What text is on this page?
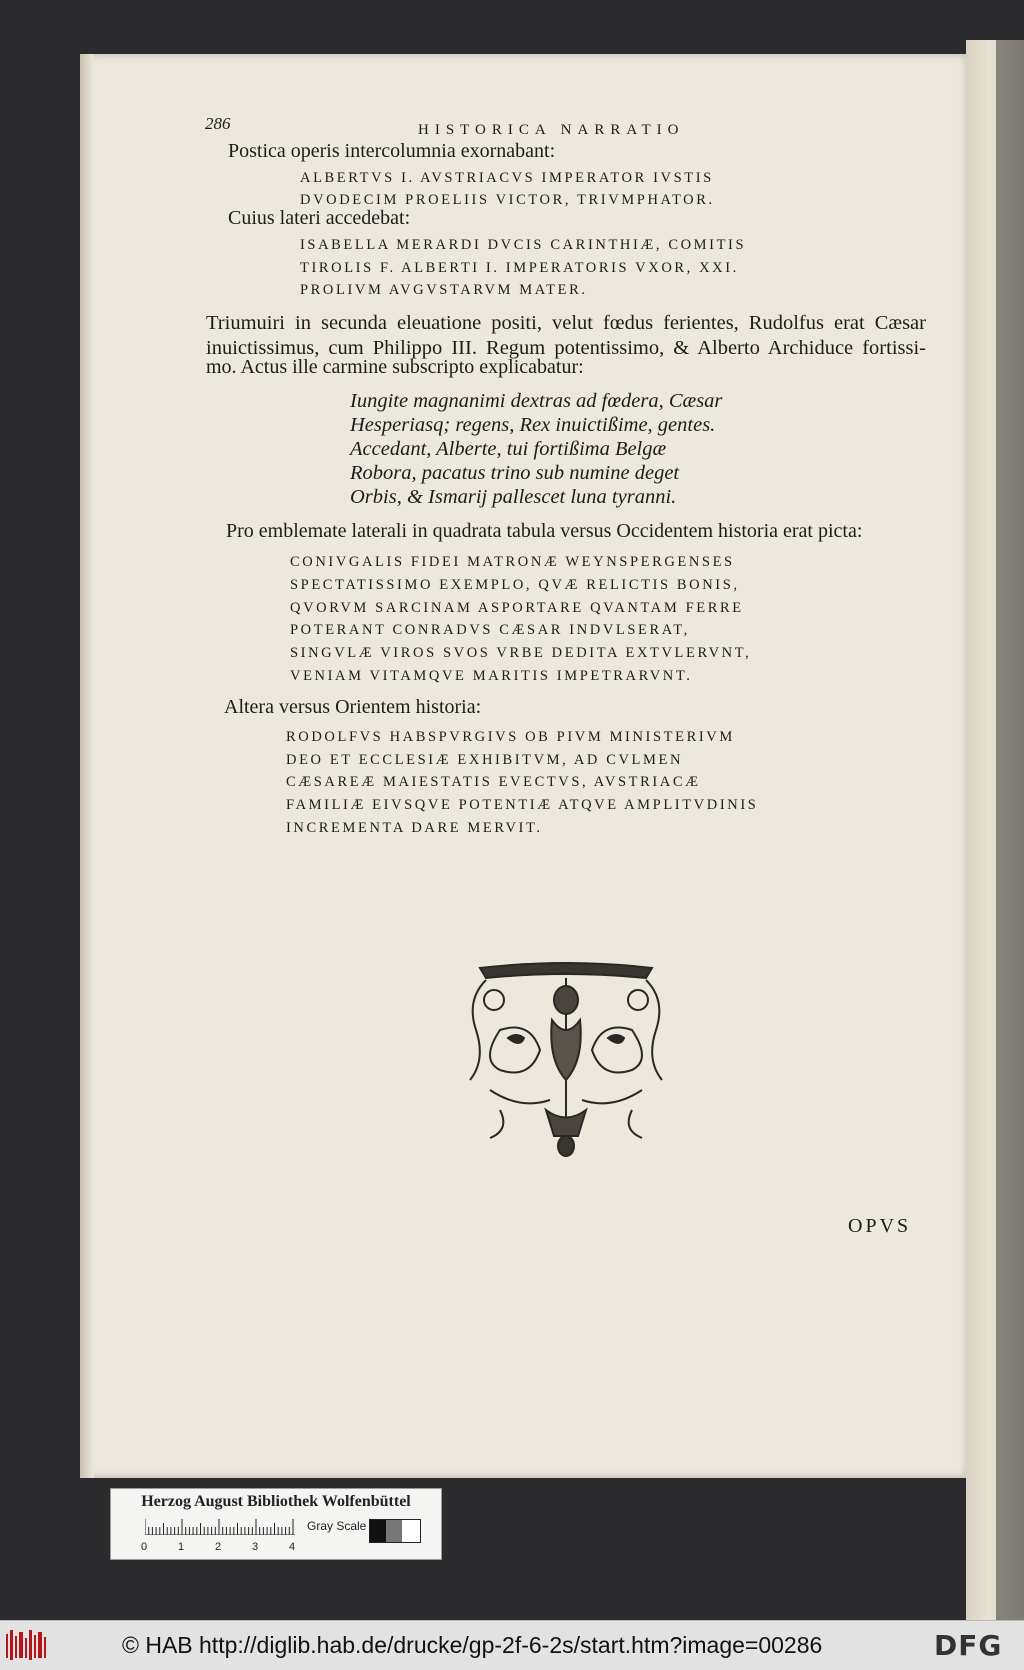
286	HISTORICA NARRATIO
Postica operis intercolumnia exornabant:
ALBERTVS I. AVSTRIACVS IMPERATOR IVSTIS
DVODECIM PROELIIS VICTOR, TRIVMPHATOR.
Cuius lateri accedebat:
ISABELLA MERARDI DVCIS CARINTHIÆ, COMITIS
TIROLIS F. ALBERTI I. IMPERATORIS VXOR, XXI.
PROLIVM AVGVSTARVM MATER.
Triumuiri in secunda eleuatione positi, velut fœdus ferientes, Rudolfus erat Cæsar
inuictissimus, cum Philippo III. Regum potentissimo, & Alberto Archiduce fortissi-
mo. Actus ille carmine subscripto explicabatur:
Iungite magnanimi dextras ad fœdera, Cæsar
Hesperiasq; regens, Rex inuictißime, gentes.
Accedant, Alberte, tui fortißima Belgæ
Robora, pacatus trino sub numine deget
Orbis, & Ismarij pallescet luna tyranni.
Pro emblemate laterali in quadrata tabula versus Occidentem historia erat picta:
CONIVGALIS FIDEI MATRONÆ WEYNSPERGENSES
SPECTATISSIMO EXEMPLO, QVÆ RELICTIS BONIS,
QVORVM SARCINAM ASPORTARE QVANTAM FERRE
POTERANT CONRADVS CÆSAR INDVLSERAT,
SINGVLÆ VIROS SVOS VRBE DEDITA EXTVLERVNT,
VENIAM VITAMQVE MARITIS IMPETRARVNT.
Altera versus Orientem historia:
RODOLFVS HABSPVRGIVS OB PIVM MINISTERIVM
DEO ET ECCLESIÆ EXHIBITVM, AD CVLMEN
CÆSAREÆ MAIESTATIS EVECTVS, AVSTRIACÆ
FAMILIÆ EIVSQVE POTENTIÆ ATQVE AMPLITVDINIS
INCREMENTA DARE MERVIT.
OPVS
Herzog August Bibliothek Wolfenbüttel
0	1	2	3	4
Gray Scale
© HAB http://diglib.hab.de/drucke/gp-2f-6-2s/start.htm?image=00286	DFG
